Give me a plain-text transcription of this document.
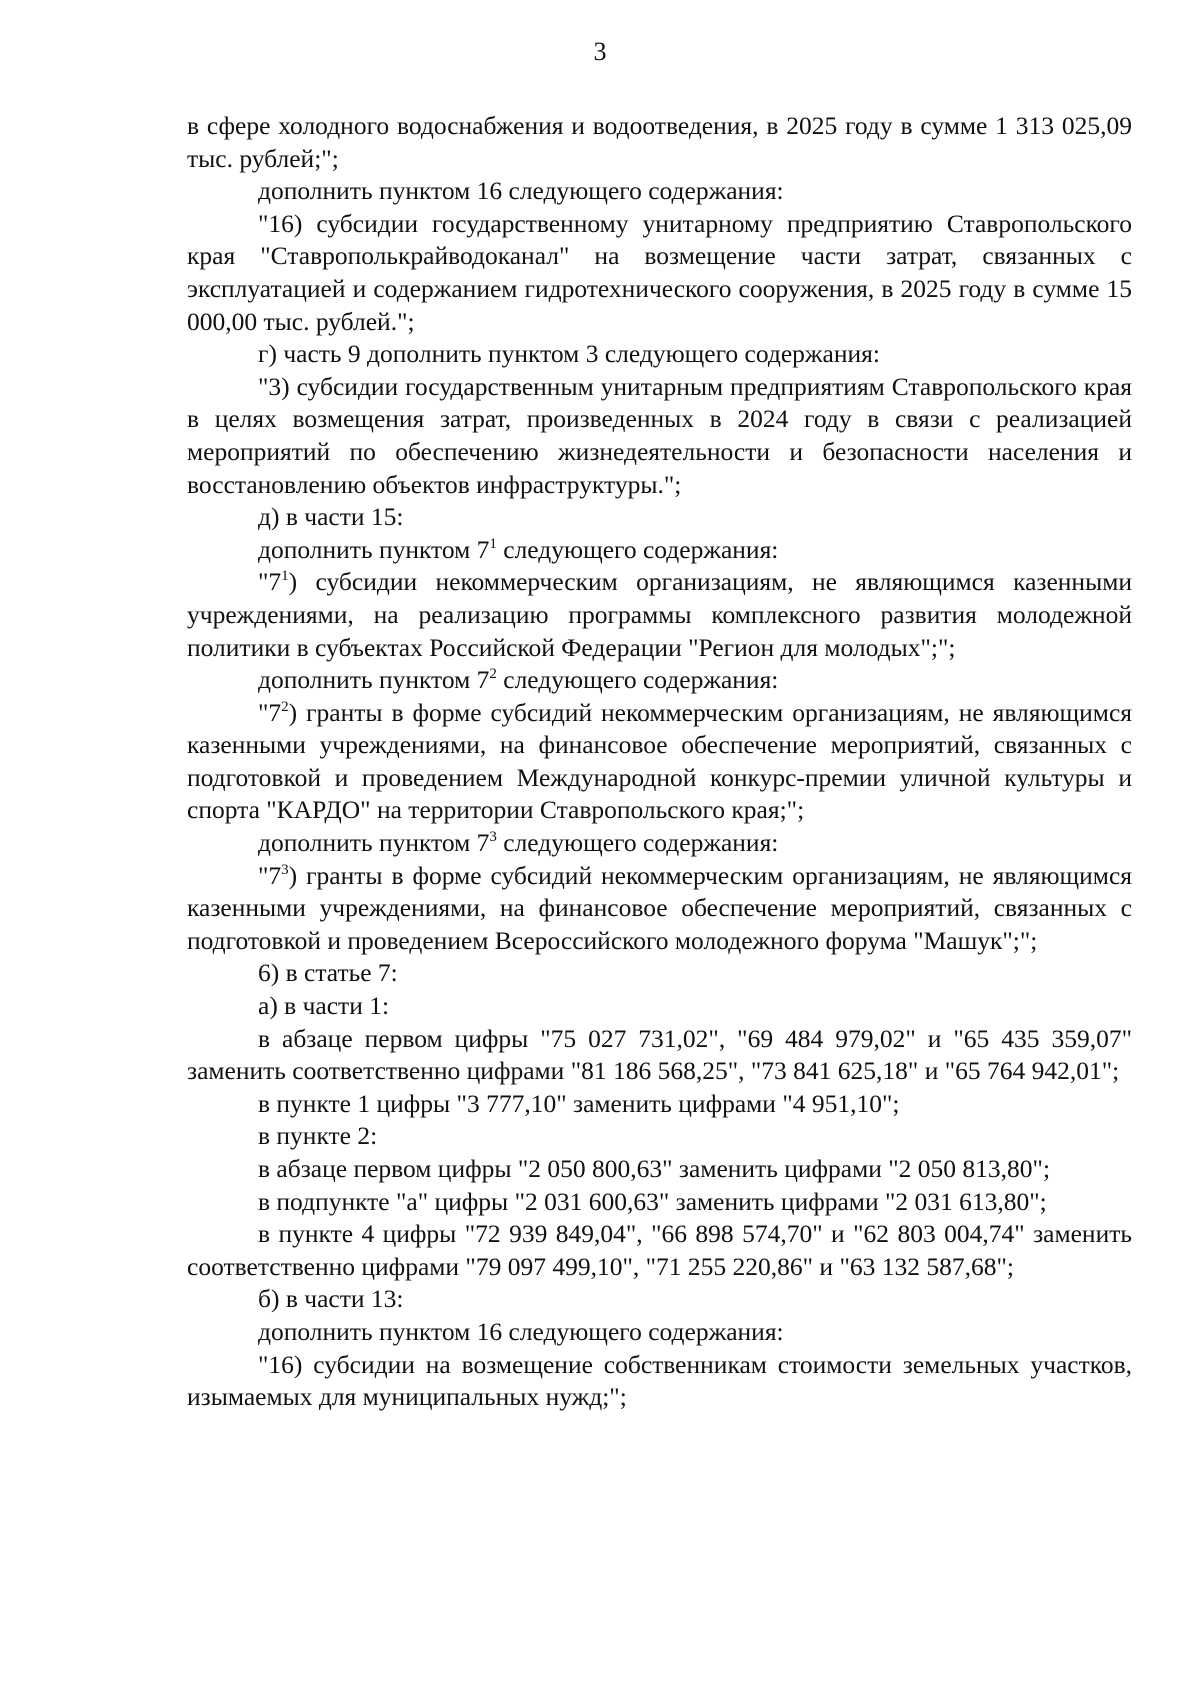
3

в сфере холодного водоснабжения и водоотведения, в 2025 году в сумме 1 313 025,09 тыс. рублей;";

дополнить пунктом 16 следующего содержания:

"16) субсидии государственному унитарному предприятию Ставропольского края "Ставрополькрайводоканал" на возмещение части затрат, связанных с эксплуатацией и содержанием гидротехнического сооружения, в 2025 году в сумме 15 000,00 тыс. рублей.";

г) часть 9 дополнить пунктом 3 следующего содержания:

"3) субсидии государственным унитарным предприятиям Ставропольского края в целях возмещения затрат, произведенных в 2024 году в связи с реализацией мероприятий по обеспечению жизнедеятельности и безопасности населения и восстановлению объектов инфраструктуры.";

д) в части 15:

дополнить пунктом $7^1$ следующего содержания:

"$7^1$) субсидии некоммерческим организациям, не являющимся казенными учреждениями, на реализацию программы комплексного развития молодежной политики в субъектах Российской Федерации "Регион для молодых";";

дополнить пунктом $7^2$ следующего содержания:

"$7^2$) гранты в форме субсидий некоммерческим организациям, не являющимся казенными учреждениями, на финансовое обеспечение мероприятий, связанных с подготовкой и проведением Международной конкурс-премии уличной культуры и спорта "КАРДО" на территории Ставропольского края;";

дополнить пунктом $7^3$ следующего содержания:

"$7^3$) гранты в форме субсидий некоммерческим организациям, не являющимся казенными учреждениями, на финансовое обеспечение мероприятий, связанных с подготовкой и проведением Всероссийского молодежного форума "Машук";";

6) в статье 7:

а) в части 1:

в абзаце первом цифры "75 027 731,02", "69 484 979,02" и "65 435 359,07" заменить соответственно цифрами "81 186 568,25", "73 841 625,18" и "65 764 942,01";

в пункте 1 цифры "3 777,10" заменить цифрами "4 951,10";

в пункте 2:

в абзаце первом цифры "2 050 800,63" заменить цифрами "2 050 813,80";

в подпункте "а" цифры "2 031 600,63" заменить цифрами "2 031 613,80";

в пункте 4 цифры "72 939 849,04", "66 898 574,70" и "62 803 004,74" заменить соответственно цифрами "79 097 499,10", "71 255 220,86" и "63 132 587,68";

б) в части 13:

дополнить пунктом 16 следующего содержания:

"16) субсидии на возмещение собственникам стоимости земельных участков, изымаемых для муниципальных нужд;";
